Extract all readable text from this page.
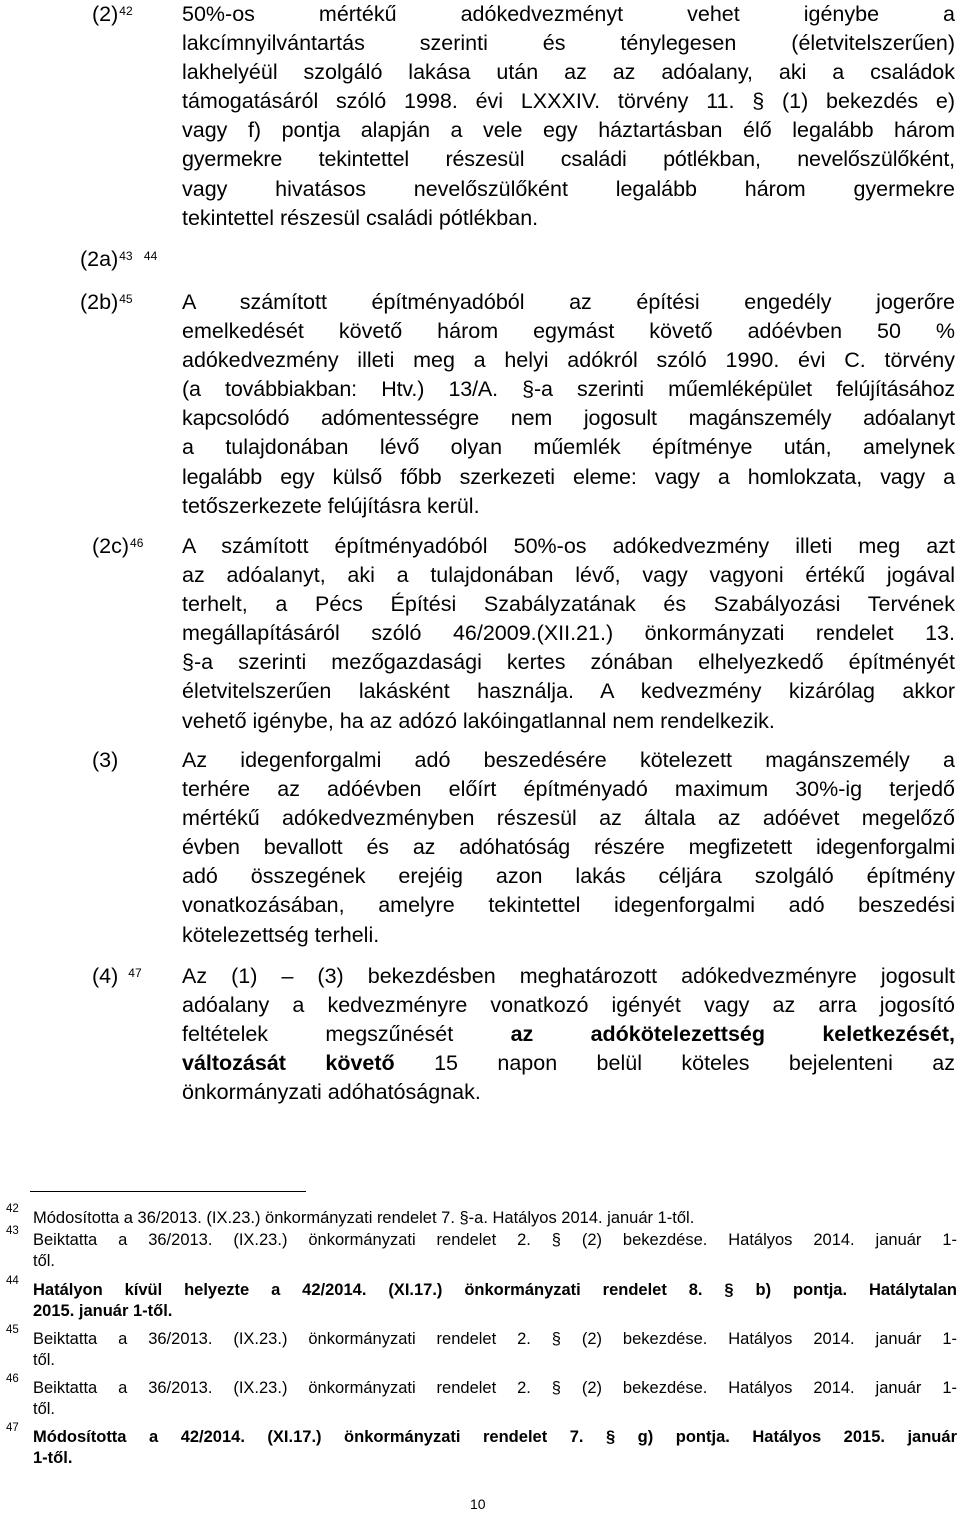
$(2)^{42}$ 50%-os mértékű adókedvezményt vehet igénybe a
lakcímnyilvántartás szerinti és ténylegesen (életvitelszerűen)
lakhelyéül szolgáló lakása után az az adóalany, aki a családok
támogatásáról szóló 1998. évi LXXXIV. törvény 11. § (1) bekezdés e)
vagy f) pontja alapján a vele egy háztartásban élő legalább három
gyermekre tekintettel részesül családi pótlékban, nevelőszülőként,
vagy hivatásos nevelőszülőként legalább három gyermekre
tekintettel részesül családi pótlékban.
$(2a)^{43 44}$
$(2b)^{45}$ A számított építményadóból az építési engedély jogerőre
emelkedését követő három egymást követő adóévben 50 %
adókedvezmény illeti meg a helyi adókról szóló 1990. évi C. törvény
(a továbbiakban: Htv.) 13/A. §-a szerinti műemléképület felújításához
kapcsolódó adómentességre nem jogosult magánszemély adóalanyt
a tulajdonában lévő olyan műemlék építménye után, amelynek
legalább egy külső főbb szerkezeti eleme: vagy a homlokzata, vagy a
tetőszerkezete felújításra kerül.
$(2c)^{46}$ A számított építményadóból 50%-os adókedvezmény illeti meg azt
az adóalanyt, aki a tulajdonában lévő, vagy vagyoni értékű jogával
terhelt, a Pécs Építési Szabályzatának és Szabályozási Tervének
megállapításáról szóló 46/2009.(XII.21.) önkormányzati rendelet 13.
§-a szerinti mezőgazdasági kertes zónában elhelyezkedő építményét
életvitelszerűen lakásként használja. A kedvezmény kizárólag akkor
vehető igénybe, ha az adózó lakóingatlannal nem rendelkezik.
(3)	Az idegenforgalmi adó beszedésére kötelezett magánszemély a
terhére az adóévben előírt építményadó maximum 30%-ig terjedő
mértékű adókedvezményben részesül az általa az adóévet megelőző
évben bevallott és az adóhatóság részére megfizetett idegenforgalmi
adó összegének erejéig azon lakás céljára szolgáló építmény
vonatkozásában, amelyre tekintettel idegenforgalmi adó beszedési
kötelezettség terheli.
(4) $^{47}$ Az (1) – (3) bekezdésben meghatározott adókedvezményre jogosult
adóalany a kedvezményre vonatkozó igényét vagy az arra jogosító
feltételek megszűnését	az adókötelezettség keletkezését,
változását követő 15 napon belül köteles bejelenteni az
önkormányzati adóhatóságnak.
42 Módosította a 36/2013. (IX.23.) önkormányzati rendelet 7. §-a. Hatályos 2014. január 1-től.
43 Beiktatta a 36/2013. (IX.23.) önkormányzati rendelet 2. § (2) bekezdése. Hatályos 2014. január 1-
től.
44 Hatályon kívül helyezte a 42/2014. (XI.17.) önkormányzati rendelet 8. § b) pontja. Hatálytalan
2015. január 1-től.
45 Beiktatta a 36/2013. (IX.23.) önkormányzati rendelet 2. § (2) bekezdése. Hatályos 2014. január 1-
től.
46 Beiktatta a 36/2013. (IX.23.) önkormányzati rendelet 2. § (2) bekezdése. Hatályos 2014. január 1-
től.
47 Módosította a 42/2014. (XI.17.) önkormányzati rendelet 7. § g) pontja. Hatályos 2015. január
1-től.
10
